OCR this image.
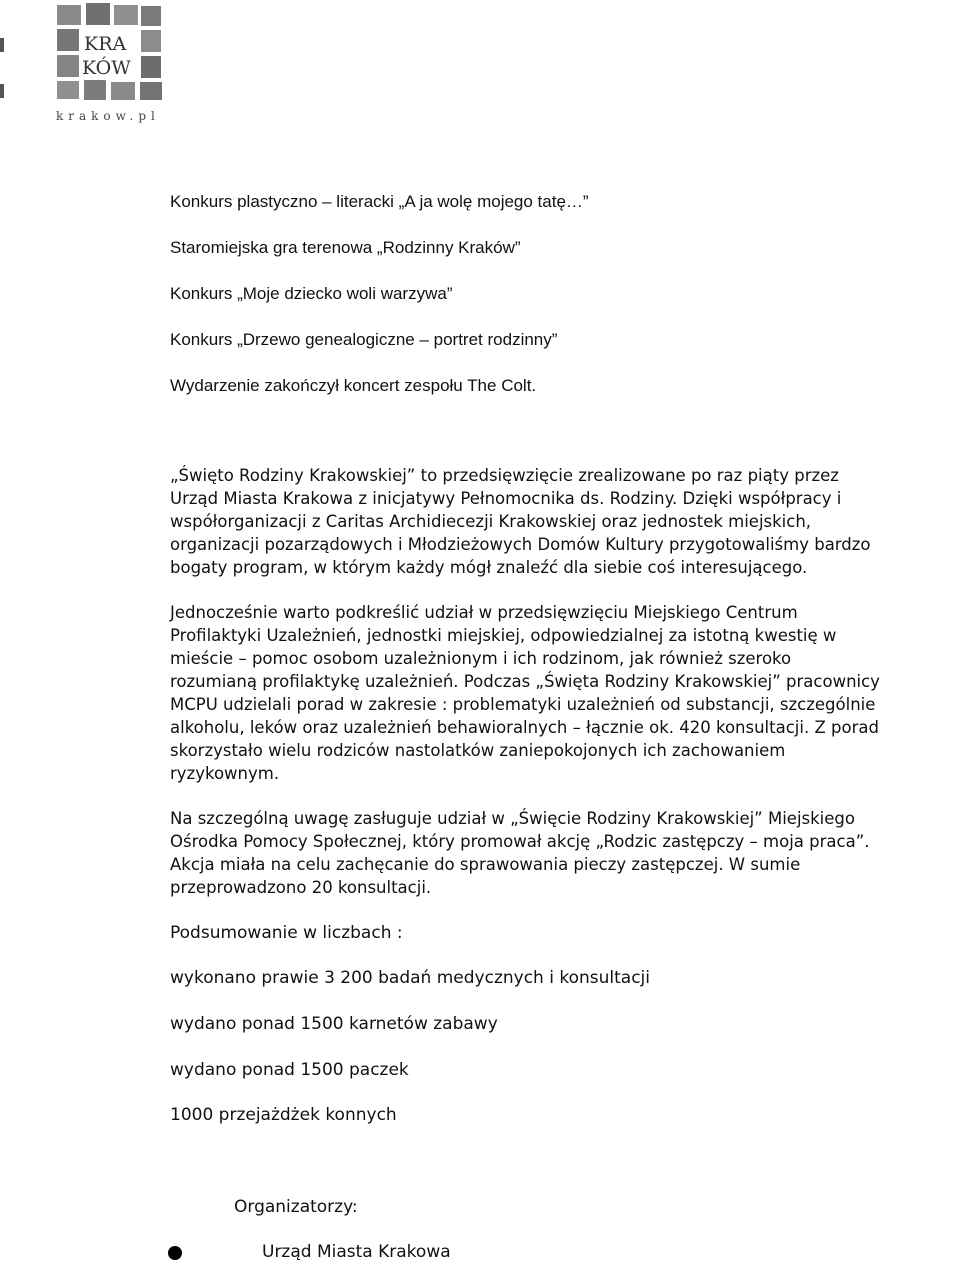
KRA
KÓW
krakow.pl
Konkurs plastyczno – literacki „A ja wolę mojego tatę…”
Staromiejska gra terenowa „Rodzinny Kraków”
Konkurs „Moje dziecko woli warzywa”
Konkurs „Drzewo genealogiczne – portret rodzinny”
Wydarzenie zakończył koncert zespołu The Colt.
„Święto Rodziny Krakowskiej” to przedsięwzięcie zrealizowane po raz piąty przez
Urząd Miasta Krakowa z inicjatywy Pełnomocnika ds. Rodziny. Dzięki współpracy i
współorganizacji z Caritas Archidiecezji Krakowskiej oraz jednostek miejskich,
organizacji pozarządowych i Młodzieżowych Domów Kultury przygotowaliśmy bardzo
bogaty program, w którym każdy mógł znaleźć dla siebie coś interesującego.
Jednocześnie warto podkreślić udział w przedsięwzięciu Miejskiego Centrum
Profilaktyki Uzależnień, jednostki miejskiej, odpowiedzialnej za istotną kwestię w
mieście – pomoc osobom uzależnionym i ich rodzinom, jak również szeroko
rozumianą profilaktykę uzależnień. Podczas „Święta Rodziny Krakowskiej” pracownicy
MCPU udzielali porad w zakresie : problematyki uzależnień od substancji, szczególnie
alkoholu, leków oraz uzależnień behawioralnych – łącznie ok. 420 konsultacji. Z porad
skorzystało wielu rodziców nastolatków zaniepokojonych ich zachowaniem
ryzykownym.
Na szczególną uwagę zasługuje udział w „Święcie Rodziny Krakowskiej” Miejskiego
Ośrodka Pomocy Społecznej, który promował akcję „Rodzic zastępczy – moja praca”.
Akcja miała na celu zachęcanie do sprawowania pieczy zastępczej. W sumie
przeprowadzono 20 konsultacji.
Podsumowanie w liczbach :
wykonano prawie 3 200 badań medycznych i konsultacji
wydano ponad 1500 karnetów zabawy
wydano ponad 1500 paczek
1000 przejażdżek konnych
Organizatorzy:
Urząd Miasta Krakowa
